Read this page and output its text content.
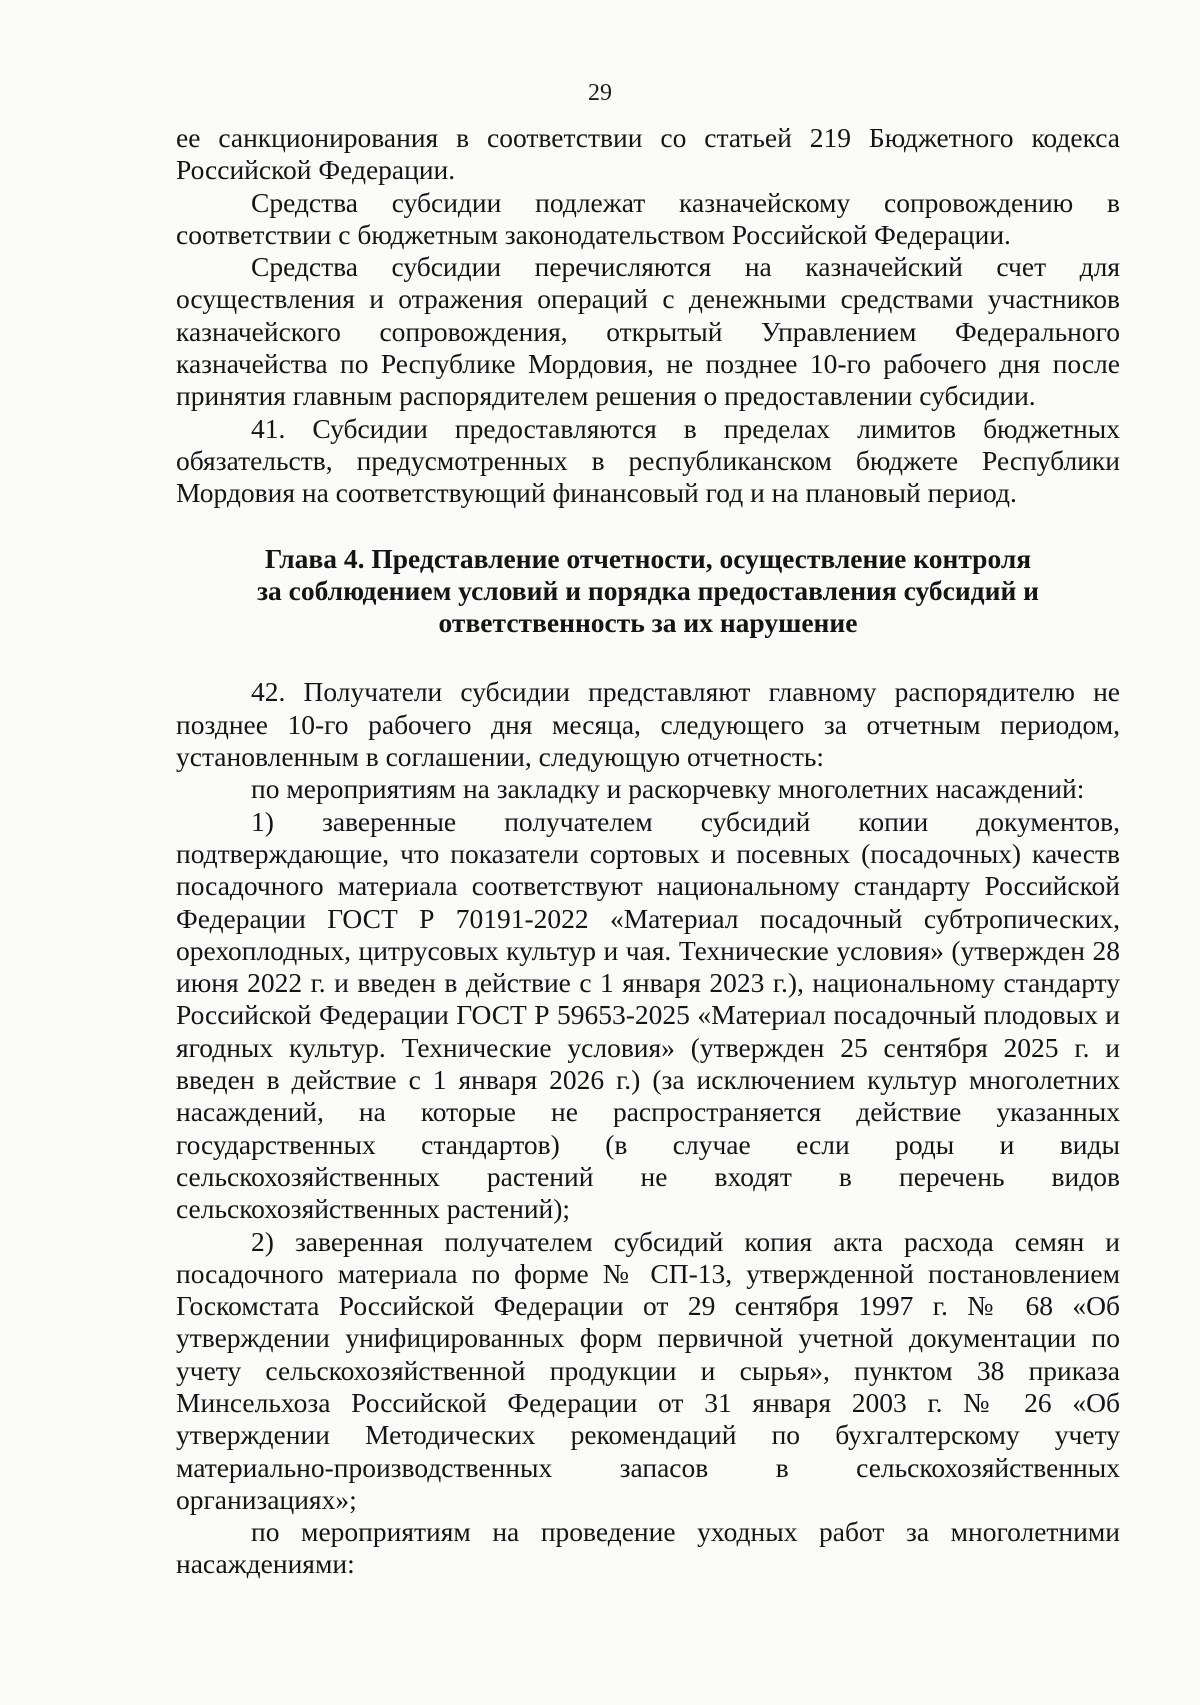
29

ее санкционирования в соответствии со статьей 219 Бюджетного кодекса Российской Федерации.

Средства субсидии подлежат казначейскому сопровождению в соответствии с бюджетным законодательством Российской Федерации.

Средства субсидии перечисляются на казначейский счет для осуществления и отражения операций с денежными средствами участников казначейского сопровождения, открытый Управлением Федерального казначейства по Республике Мордовия, не позднее 10-го рабочего дня после принятия главным распорядителем решения о предоставлении субсидии.

41. Субсидии предоставляются в пределах лимитов бюджетных обязательств, предусмотренных в республиканском бюджете Республики Мордовия на соответствующий финансовый год и на плановый период.

Глава 4. Представление отчетности, осуществление контроля
за соблюдением условий и порядка предоставления субсидий и
ответственность за их нарушение

42. Получатели субсидии представляют главному распорядителю не позднее 10-го рабочего дня месяца, следующего за отчетным периодом, установленным в соглашении, следующую отчетность:

по мероприятиям на закладку и раскорчевку многолетних насаждений:

1) заверенные получателем субсидий копии документов, подтверждающие, что показатели сортовых и посевных (посадочных) качеств посадочного материала соответствуют национальному стандарту Российской Федерации ГОСТ Р 70191-2022 «Материал посадочный субтропических, орехоплодных, цитрусовых культур и чая. Технические условия» (утвержден 28 июня 2022 г. и введен в действие с 1 января 2023 г.), национальному стандарту Российской Федерации ГОСТ Р 59653-2025 «Материал посадочный плодовых и ягодных культур. Технические условия» (утвержден 25 сентября 2025 г. и введен в действие с 1 января 2026 г.) (за исключением культур многолетних насаждений, на которые не распространяется действие указанных государственных стандартов) (в случае если роды и виды сельскохозяйственных растений не входят в перечень видов сельскохозяйственных растений);

2) заверенная получателем субсидий копия акта расхода семян и посадочного материала по форме № СП-13, утвержденной постановлением Госкомстата Российской Федерации от 29 сентября 1997 г. № 68 «Об утверждении унифицированных форм первичной учетной документации по учету сельскохозяйственной продукции и сырья», пунктом 38 приказа Минсельхоза Российской Федерации от 31 января 2003 г. № 26 «Об утверждении Методических рекомендаций по бухгалтерскому учету материально-производственных запасов в сельскохозяйственных организациях»;

по мероприятиям на проведение уходных работ за многолетними насаждениями:
